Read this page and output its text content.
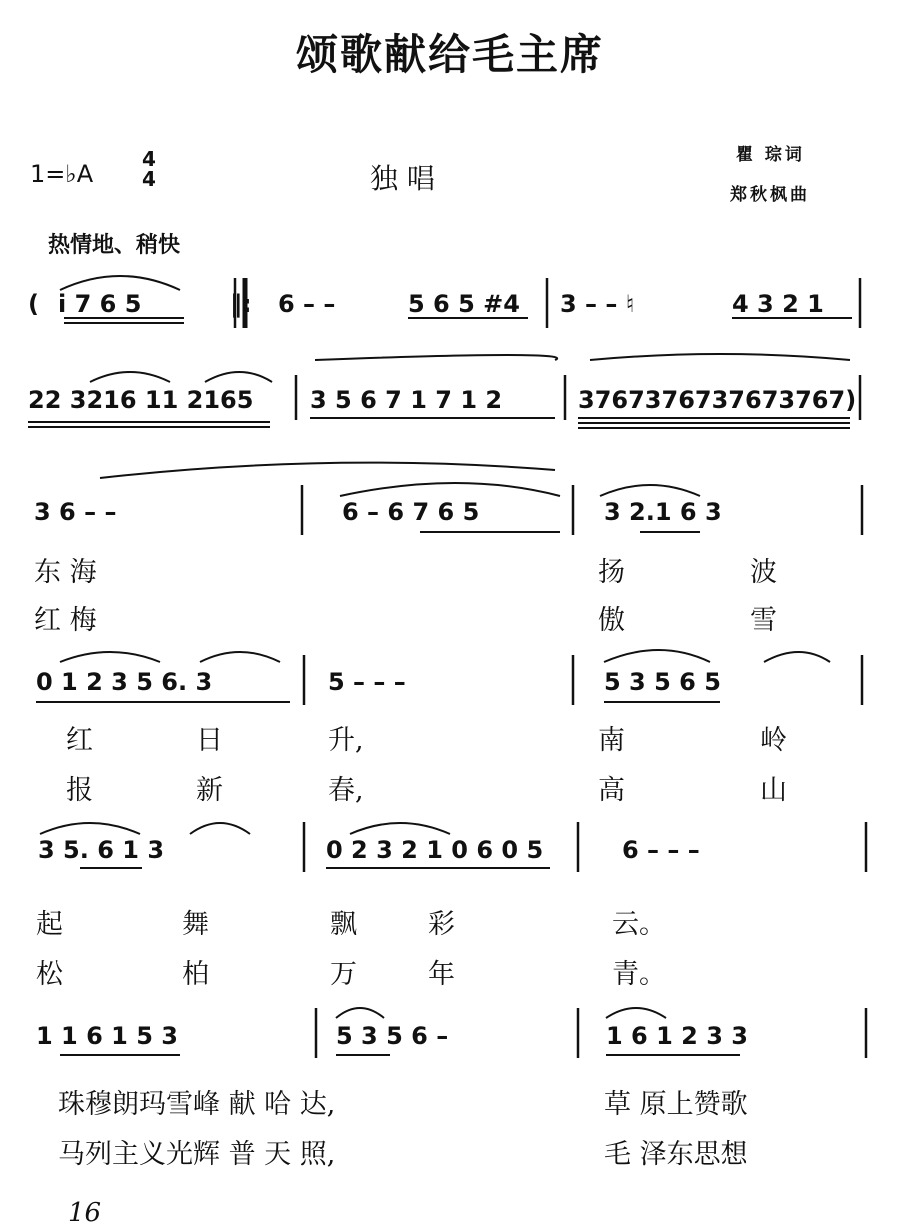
颂歌献给毛主席
1=♭A
4
4	独 唱
瞿 琮词
郑秋枫曲
热情地、稍快
( i 7 6 5	‖: 6 – –	5 6 5 #4 3 – – ♮	4 3 2 1
22 3216 11 2165 3 5 6 7 1 7 1 2	3767376737673767)
3 6 – –	6 – 6 7 6 5	3 2.1 6 3
东 海	扬	波
红 梅	傲	雪
0 1 2 3 5 6. 3	5 – – –	5 3 5 6 5
红	日	升,	南	岭
报	新	春,	高	山
3 5. 6 1 3	0 2 3 2 1 0 6 0 5	6 – – –
起	舞	飘	彩	云。
松	柏	万	年	青。
1 1 6 1 5 3	5 3 5 6 –	1 6 1 2 3 3
珠穆朗玛雪峰 献 哈 达,	草 原上赞歌
马列主义光辉 普 天 照,	毛 泽东思想
16
